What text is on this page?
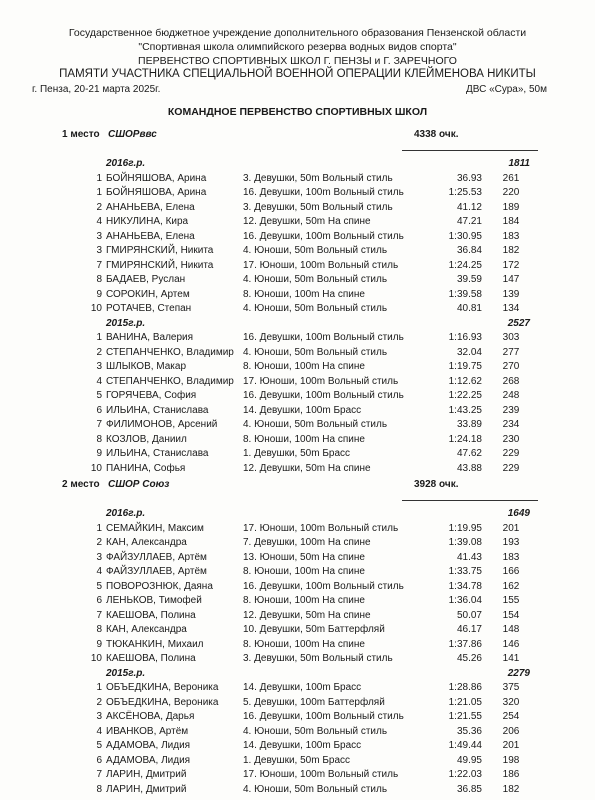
Государственное бюджетное учреждение дополнительного образования Пензенской области
"Спортивная школа олимпийского резерва водных видов спорта"
ПЕРВЕНСТВО СПОРТИВНЫХ ШКОЛ Г. ПЕНЗЫ и Г. ЗАРЕЧНОГО
ПАМЯТИ УЧАСТНИКА СПЕЦИАЛЬНОЙ ВОЕННОЙ ОПЕРАЦИИ КЛЕЙМЕНОВА НИКИТЫ
г. Пенза, 20-21 марта 2025г.	ДВС «Сура», 50м
КОМАНДНОЕ ПЕРВЕНСТВО СПОРТИВНЫХ ШКОЛ
1 место СШОРввс	4338 очк.
2016г.р.	1811
1 БОЙНЯШОВА, Арина	3. Девушки, 50m Вольный стиль	36.93	261
1 БОЙНЯШОВА, Арина	16. Девушки, 100m Вольный стиль	1:25.53	220
2 АНАНЬЕВА, Елена	3. Девушки, 50m Вольный стиль	41.12	189
4 НИКУЛИНА, Кира	12. Девушки, 50m На спине	47.21	184
3 АНАНЬЕВА, Елена	16. Девушки, 100m Вольный стиль	1:30.95	183
3 ГМИРЯНСКИЙ, Никита	4. Юноши, 50m Вольный стиль	36.84	182
7 ГМИРЯНСКИЙ, Никита	17. Юноши, 100m Вольный стиль	1:24.25	172
8 БАДАЕВ, Руслан	4. Юноши, 50m Вольный стиль	39.59	147
9 СОРОКИН, Артем	8. Юноши, 100m На спине	1:39.58	139
10 РОТАЧЕВ, Степан	4. Юноши, 50m Вольный стиль	40.81	134
2015г.р.	2527
1 ВАНИНА, Валерия	16. Девушки, 100m Вольный стиль	1:16.93	303
2 СТЕПАНЧЕНКО, Владимир 4. Юноши, 50m Вольный стиль	32.04	277
3 ШЛЫКОВ, Макар	8. Юноши, 100m На спине	1:19.75	270
4 СТЕПАНЧЕНКО, Владимир 17. Юноши, 100m Вольный стиль	1:12.62	268
5 ГОРЯЧЕВА, София	16. Девушки, 100m Вольный стиль	1:22.25	248
6 ИЛЬИНА, Станислава	14. Девушки, 100m Брасс	1:43.25	239
7 ФИЛИМОНОВ, Арсений	4. Юноши, 50m Вольный стиль	33.89	234
8 КОЗЛОВ, Даниил	8. Юноши, 100m На спине	1:24.18	230
9 ИЛЬИНА, Станислава	1. Девушки, 50m Брасс	47.62	229
10 ПАНИНА, Софья	12. Девушки, 50m На спине	43.88	229
2 место СШОР Союз	3928 очк.
2016г.р.	1649
1 СЕМАЙКИН, Максим	17. Юноши, 100m Вольный стиль	1:19.95	201
2 КАН, Александра	7. Девушки, 100m На спине	1:39.08	193
3 ФАЙЗУЛЛАЕВ, Артём	13. Юноши, 50m На спине	41.43	183
4 ФАЙЗУЛЛАЕВ, Артём	8. Юноши, 100m На спине	1:33.75	166
5 ПОВОРОЗНЮК, Даяна	16. Девушки, 100m Вольный стиль	1:34.78	162
6 ЛЕНЬКОВ, Тимофей	8. Юноши, 100m На спине	1:36.04	155
7 КАЕШОВА, Полина	12. Девушки, 50m На спине	50.07	154
8 КАН, Александра	10. Девушки, 50m Баттерфляй	46.17	148
9 ТЮКАНКИН, Михаил	8. Юноши, 100m На спине	1:37.86	146
10 КАЕШОВА, Полина	3. Девушки, 50m Вольный стиль	45.26	141
2015г.р.	2279
1 ОБЪЕДКИНА, Вероника 14. Девушки, 100m Брасс	1:28.86	375
2 ОБЪЕДКИНА, Вероника 5. Девушки, 100m Баттерфляй	1:21.05	320
3 АКСЁНОВА, Дарья	16. Девушки, 100m Вольный стиль	1:21.55	254
4 ИВАНКОВ, Артём	4. Юноши, 50m Вольный стиль	35.36	206
5 АДАМОВА, Лидия	14. Девушки, 100m Брасс	1:49.44	201
6 АДАМОВА, Лидия	1. Девушки, 50m Брасс	49.95	198
7 ЛАРИН, Дмитрий	17. Юноши, 100m Вольный стиль	1:22.03	186
8 ЛАРИН, Дмитрий	4. Юноши, 50m Вольный стиль	36.85	182
